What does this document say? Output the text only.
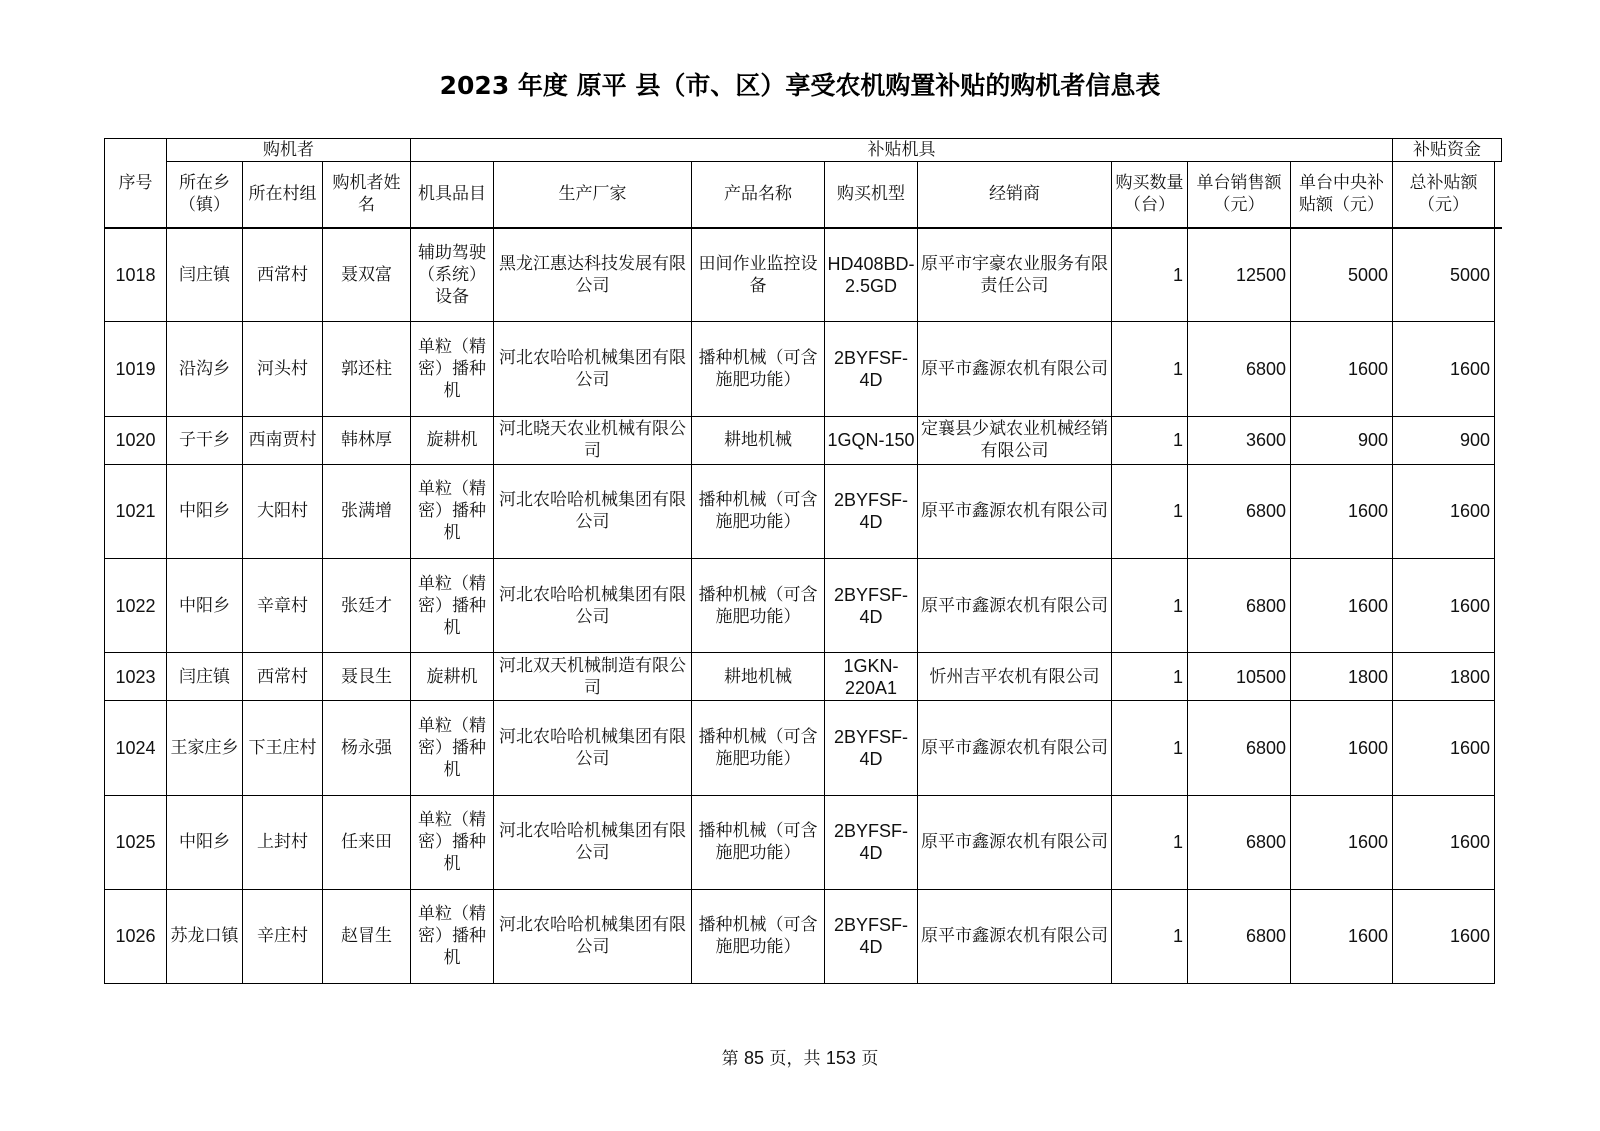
2023 年度 原平 县（市、区）享受农机购置补贴的购机者信息表
序号	购机者			补贴机具								补贴资金
	所在乡（镇）	所在村组	购机者姓名	机具品目	生产厂家	产品名称	购买机型	经销商	购买数量（台）	单台销售额（元）	单台中央补贴额（元）	总补贴额（元）
1018	闫庄镇	西常村	聂双富	辅助驾驶（系统）设备	黑龙江惠达科技发展有限公司	田间作业监控设备	HD408BD-2.5GD	原平市宇豪农业服务有限责任公司	1	12500	5000	5000
1019	沿沟乡	河头村	郭还柱	单粒（精密）播种机	河北农哈哈机械集团有限公司	播种机械（可含施肥功能）	2BYFSF-4D	原平市鑫源农机有限公司	1	6800	1600	1600
1020	子干乡	西南贾村	韩林厚	旋耕机	河北晓天农业机械有限公司	耕地机械	1GQN-150	定襄县少斌农业机械经销有限公司	1	3600	900	900
1021	中阳乡	大阳村	张满增	单粒（精密）播种机	河北农哈哈机械集团有限公司	播种机械（可含施肥功能）	2BYFSF-4D	原平市鑫源农机有限公司	1	6800	1600	1600
1022	中阳乡	辛章村	张廷才	单粒（精密）播种机	河北农哈哈机械集团有限公司	播种机械（可含施肥功能）	2BYFSF-4D	原平市鑫源农机有限公司	1	6800	1600	1600
1023	闫庄镇	西常村	聂艮生	旋耕机	河北双天机械制造有限公司	耕地机械	1GKN-220A1	忻州吉平农机有限公司	1	10500	1800	1800
1024	王家庄乡	下王庄村	杨永强	单粒（精密）播种机	河北农哈哈机械集团有限公司	播种机械（可含施肥功能）	2BYFSF-4D	原平市鑫源农机有限公司	1	6800	1600	1600
1025	中阳乡	上封村	任来田	单粒（精密）播种机	河北农哈哈机械集团有限公司	播种机械（可含施肥功能）	2BYFSF-4D	原平市鑫源农机有限公司	1	6800	1600	1600
1026	苏龙口镇	辛庄村	赵冒生	单粒（精密）播种机	河北农哈哈机械集团有限公司	播种机械（可含施肥功能）	2BYFSF-4D	原平市鑫源农机有限公司	1	6800	1600	1600
第 85 页，共 153 页
